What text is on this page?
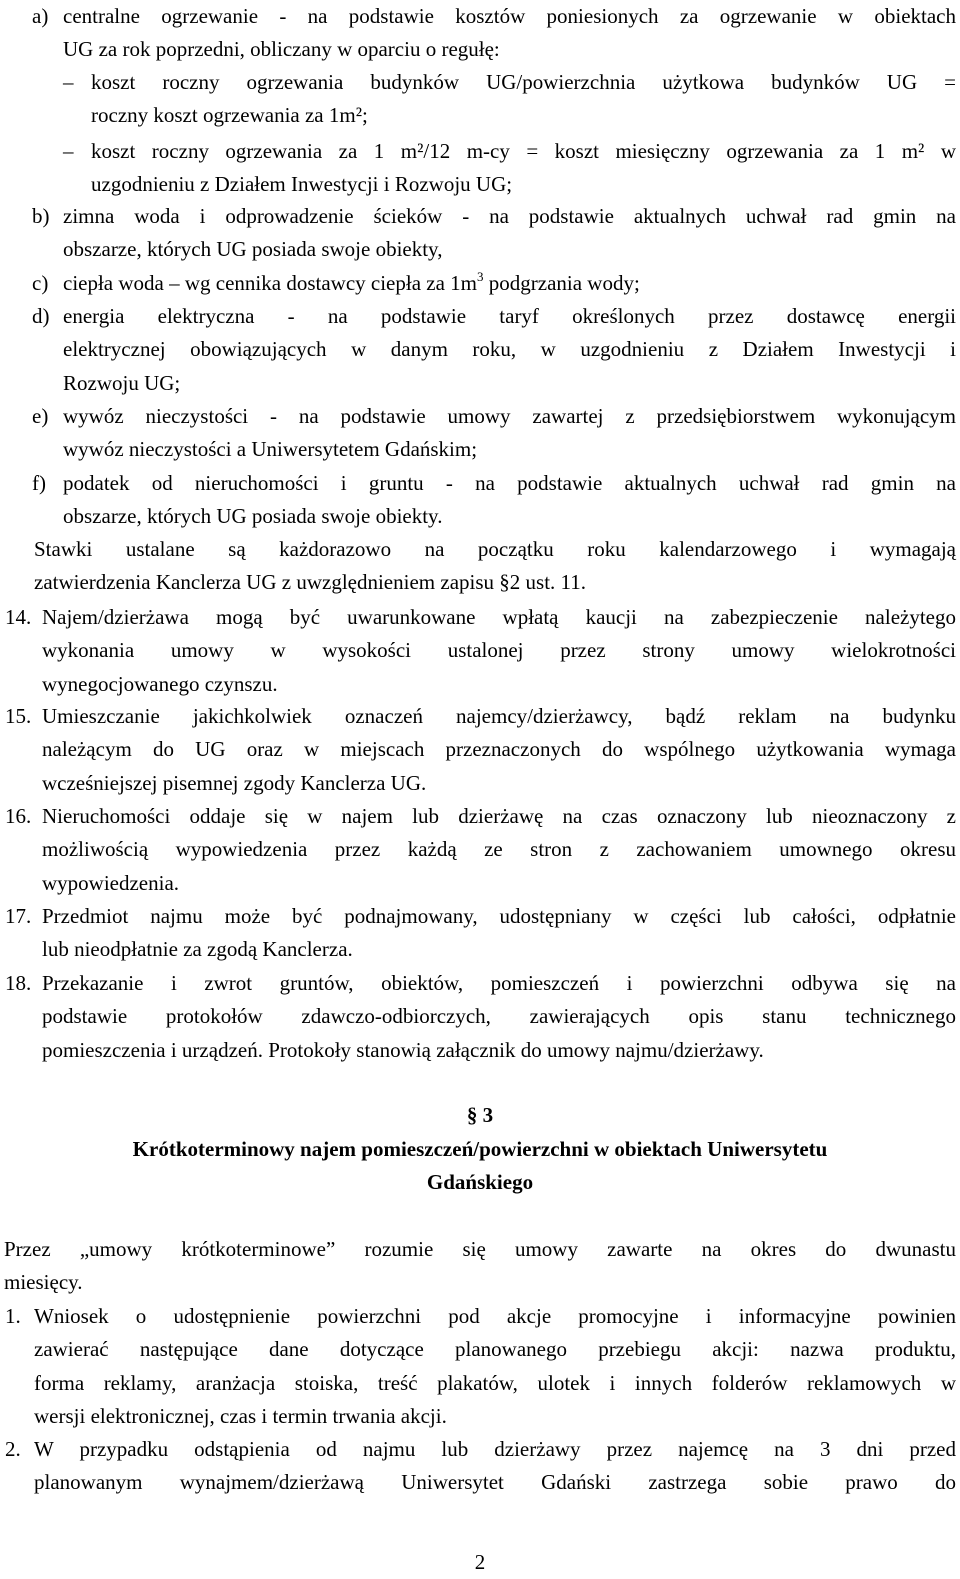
a) centralne ogrzewanie - na podstawie kosztów poniesionych za ogrzewanie w obiektach
UG za rok poprzedni, obliczany w oparciu o regułę:
– koszt roczny ogrzewania budynków UG/powierzchnia użytkowa budynków UG =
roczny koszt ogrzewania za 1m²;
– koszt roczny ogrzewania za 1 m²/12 m-cy = koszt miesięczny ogrzewania za 1 m² w
uzgodnieniu z Działem Inwestycji i Rozwoju UG;
b) zimna woda i odprowadzenie ścieków - na podstawie aktualnych uchwał rad gmin na
obszarze, których UG posiada swoje obiekty,
c) ciepła woda – wg cennika dostawcy ciepła za $1m^3$ podgrzania wody;
d) energia elektryczna - na podstawie taryf określonych przez dostawcę energii
elektrycznej obowiązujących w danym roku, w uzgodnieniu z Działem Inwestycji i
Rozwoju UG;
e) wywóz nieczystości - na podstawie umowy zawartej z przedsiębiorstwem wykonującym
wywóz nieczystości a Uniwersytetem Gdańskim;
f) podatek od nieruchomości i gruntu - na podstawie aktualnych uchwał rad gmin na
obszarze, których UG posiada swoje obiekty.
Stawki ustalane są każdorazowo na początku roku kalendarzowego i wymagają
zatwierdzenia Kanclerza UG z uwzględnieniem zapisu §2 ust. 11.
14. Najem/dzierżawa mogą być uwarunkowane wpłatą kaucji na zabezpieczenie należytego
wykonania umowy w wysokości ustalonej przez strony umowy wielokrotności
wynegocjowanego czynszu.
15. Umieszczanie jakichkolwiek oznaczeń najemcy/dzierżawcy, bądź reklam na budynku
należącym do UG oraz w miejscach przeznaczonych do wspólnego użytkowania wymaga
wcześniejszej pisemnej zgody Kanclerza UG.
16. Nieruchomości oddaje się w najem lub dzierżawę na czas oznaczony lub nieoznaczony z
możliwością wypowiedzenia przez każdą ze stron z zachowaniem umownego okresu
wypowiedzenia.
17. Przedmiot najmu może być podnajmowany, udostępniany w części lub całości, odpłatnie
lub nieodpłatnie za zgodą Kanclerza.
18. Przekazanie i zwrot gruntów, obiektów, pomieszczeń i powierzchni odbywa się na
podstawie protokołów zdawczo-odbiorczych, zawierających opis stanu technicznego
pomieszczenia i urządzeń. Protokoły stanowią załącznik do umowy najmu/dzierżawy.
§ 3
Krótkoterminowy najem pomieszczeń/powierzchni w obiektach Uniwersytetu
Gdańskiego
Przez „umowy krótkoterminowe” rozumie się umowy zawarte na okres do dwunastu
miesięcy.
1. Wniosek o udostępnienie powierzchni pod akcje promocyjne i informacyjne powinien
zawierać następujące dane dotyczące planowanego przebiegu akcji: nazwa produktu,
forma reklamy, aranżacja stoiska, treść plakatów, ulotek i innych folderów reklamowych w
wersji elektronicznej, czas i termin trwania akcji.
2. W przypadku odstąpienia od najmu lub dzierżawy przez najemcę na 3 dni przed
planowanym wynajmem/dzierżawą Uniwersytet Gdański zastrzega sobie prawo do
2
